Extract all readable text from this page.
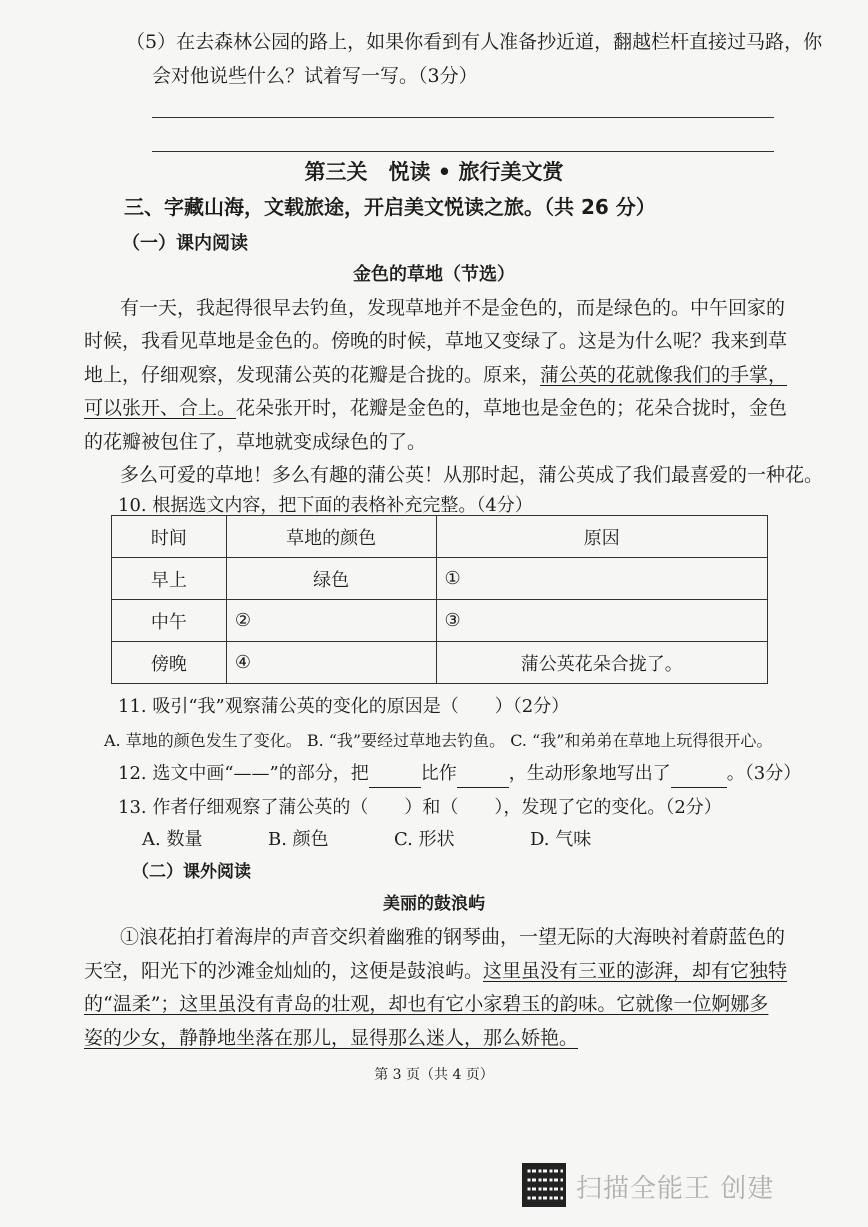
（5）在去森林公园的路上，如果你看到有人准备抄近道，翻越栏杆直接过马路，你
会对他说些什么？试着写一写。（3分）
第三关　悦读 • 旅行美文赏
三、字藏山海，文载旅途，开启美文悦读之旅。（共 26 分）
（一）课内阅读
金色的草地（节选）
有一天，我起得很早去钓鱼，发现草地并不是金色的，而是绿色的。中午回家的
时候，我看见草地是金色的。傍晚的时候，草地又变绿了。这是为什么呢？我来到草
地上，仔细观察，发现蒲公英的花瓣是合拢的。原来，蒲公英的花就像我们的手掌，
可以张开、合上。花朵张开时，花瓣是金色的，草地也是金色的；花朵合拢时，金色
的花瓣被包住了，草地就变成绿色的了。
多么可爱的草地！多么有趣的蒲公英！从那时起，蒲公英成了我们最喜爱的一种花。
10. 根据选文内容，把下面的表格补充完整。（4分）
时间	草地的颜色	原因
早上	绿色	①
中午	②	③
傍晚	④	蒲公英花朵合拢了。
11. 吸引“我”观察蒲公英的变化的原因是（　　）（2分）
A. 草地的颜色发生了变化。 B. “我”要经过草地去钓鱼。 C. “我”和弟弟在草地上玩得很开心。
12. 选文中画“——”的部分，把	比作	，生动形象地写出了	。（3分）
13. 作者仔细观察了蒲公英的（　　）和（　　），发现了它的变化。（2分）
A. 数量	B. 颜色	C. 形状	D. 气味
（二）课外阅读
美丽的鼓浪屿
①浪花拍打着海岸的声音交织着幽雅的钢琴曲，一望无际的大海映衬着蔚蓝色的
天空，阳光下的沙滩金灿灿的，这便是鼓浪屿。这里虽没有三亚的澎湃，却有它独特
的“温柔”；这里虽没有青岛的壮观，却也有它小家碧玉的韵味。它就像一位婀娜多
姿的少女，静静地坐落在那儿，显得那么迷人，那么娇艳。
第 3 页（共 4 页）
扫描全能王 创建
